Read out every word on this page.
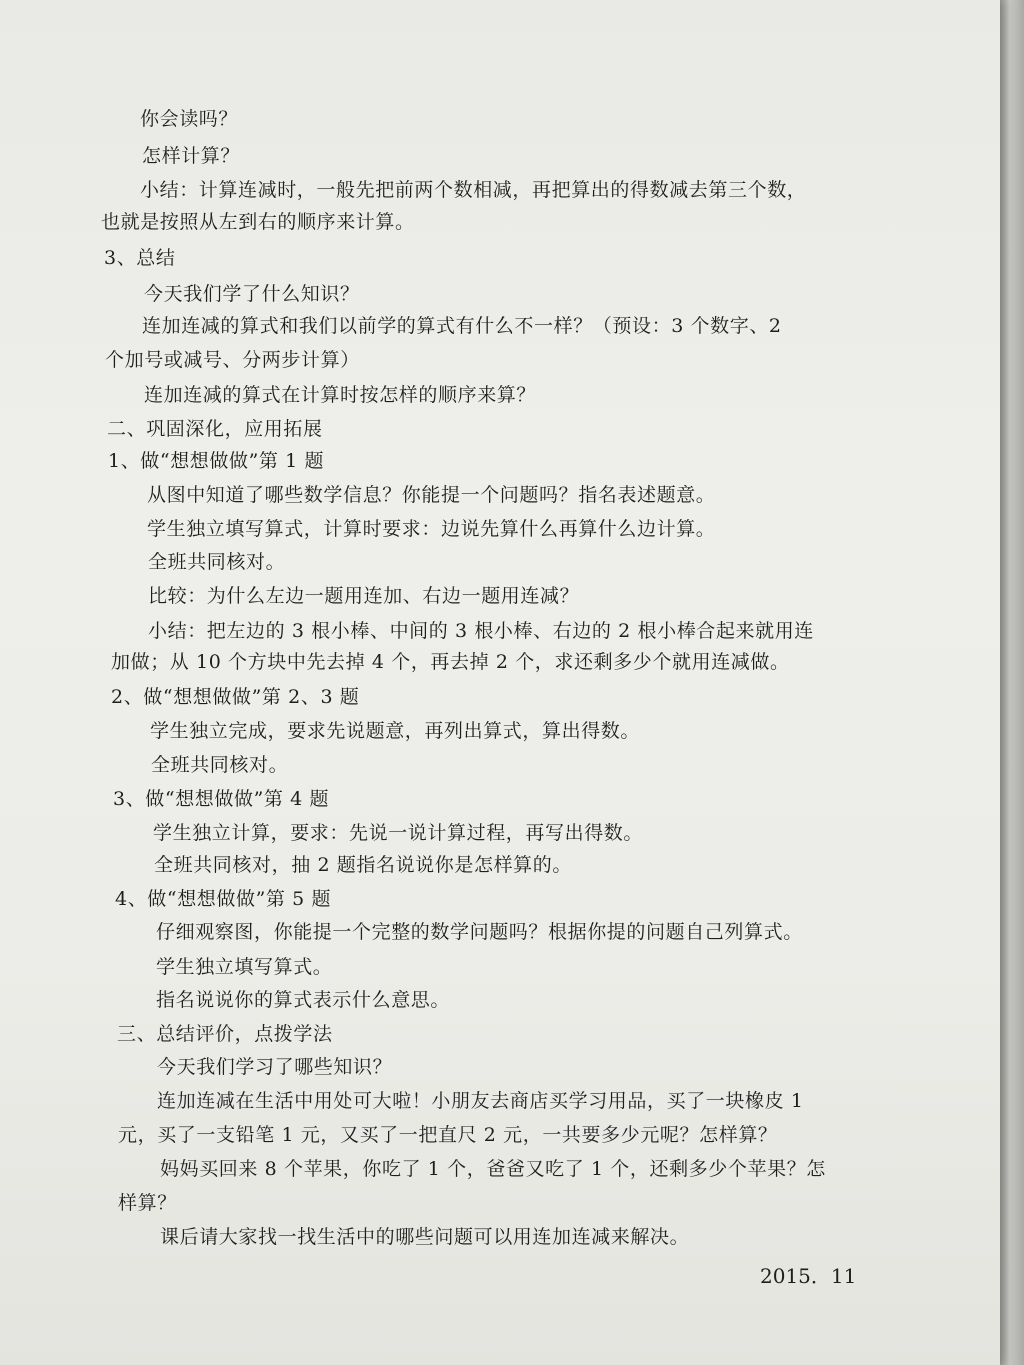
你会读吗？
怎样计算？
小结：计算连减时，一般先把前两个数相减，再把算出的得数减去第三个数，
也就是按照从左到右的顺序来计算。
3、总结
今天我们学了什么知识？
连加连减的算式和我们以前学的算式有什么不一样？（预设：3 个数字、2
个加号或减号、分两步计算）
连加连减的算式在计算时按怎样的顺序来算？
二、巩固深化，应用拓展
1、做“想想做做”第 1 题
从图中知道了哪些数学信息？你能提一个问题吗？指名表述题意。
学生独立填写算式，计算时要求：边说先算什么再算什么边计算。
全班共同核对。
比较：为什么左边一题用连加、右边一题用连减？
小结：把左边的 3 根小棒、中间的 3 根小棒、右边的 2 根小棒合起来就用连
加做；从 10 个方块中先去掉 4 个，再去掉 2 个，求还剩多少个就用连减做。
2、做“想想做做”第 2、3 题
学生独立完成，要求先说题意，再列出算式，算出得数。
全班共同核对。
3、做“想想做做”第 4 题
学生独立计算，要求：先说一说计算过程，再写出得数。
全班共同核对，抽 2 题指名说说你是怎样算的。
4、做“想想做做”第 5 题
仔细观察图，你能提一个完整的数学问题吗？根据你提的问题自己列算式。
学生独立填写算式。
指名说说你的算式表示什么意思。
三、总结评价，点拨学法
今天我们学习了哪些知识？
连加连减在生活中用处可大啦！小朋友去商店买学习用品，买了一块橡皮 1
元，买了一支铅笔 1 元，又买了一把直尺 2 元，一共要多少元呢？怎样算？
妈妈买回来 8 个苹果，你吃了 1 个，爸爸又吃了 1 个，还剩多少个苹果？怎
样算？
课后请大家找一找生活中的哪些问题可以用连加连减来解决。
2015．11
